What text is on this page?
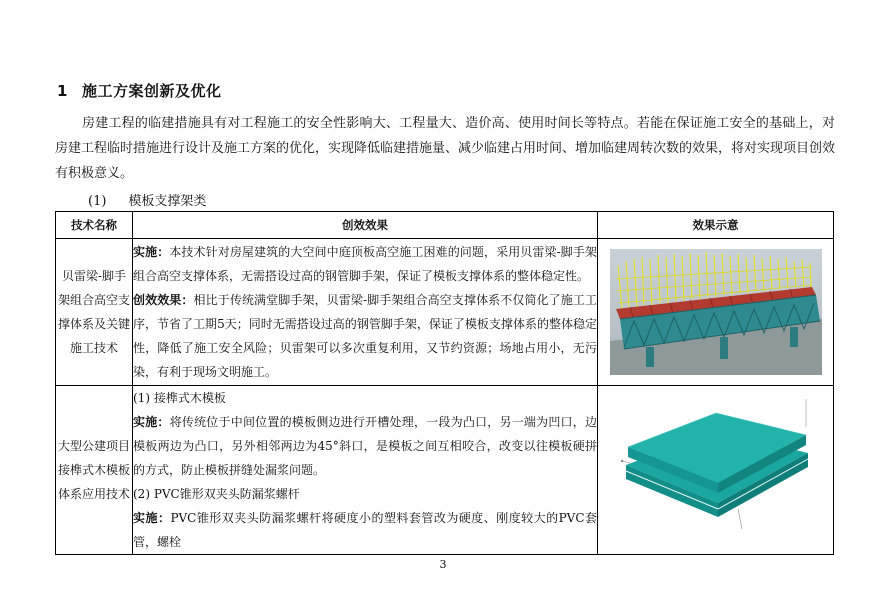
1 施工方案创新及优化
房建工程的临建措施具有对工程施工的安全性影响大、工程量大、造价高、使用时间长等特点。若能在保证施工安全的基础上，对房建工程临时措施进行设计及施工方案的优化，实现降低临建措施量、减少临建占用时间、增加临建周转次数的效果，将对实现项目创效有积极意义。
(1) 模板支撑架类
技术名称	创效效果	效果示意
贝雷梁-脚手架组合高空支撑体系及关键施工技术	实施：本技术针对房屋建筑的大空间中庭顶板高空施工困难的问题，采用贝雷梁-脚手架组合高空支撑体系，无需搭设过高的钢管脚手架，保证了模板支撑体系的整体稳定性。
创效效果：相比于传统满堂脚手架，贝雷梁-脚手架组合高空支撑体系不仅简化了施工工序，节省了工期5天；同时无需搭设过高的钢管脚手架，保证了模板支撑体系的整体稳定性，降低了施工安全风险；贝雷架可以多次重复利用，又节约资源；场地占用小，无污染，有利于现场文明施工。	

大型公建项目接榫式木模板体系应用技术	(1) 接榫式木模板
实施：将传统位于中间位置的模板侧边进行开槽处理，一段为凸口，另一端为凹口，边模板两边为凸口，另外相邻两边为45°斜口，是模板之间互相咬合，改变以往模板硬拼的方式，防止模板拼缝处漏浆问题。
(2) PVC锥形双夹头防漏浆螺杆
实施：PVC锥形双夹头防漏浆螺杆将硬度小的塑料套管改为硬度、刚度较大的PVC套管，螺栓	
3
